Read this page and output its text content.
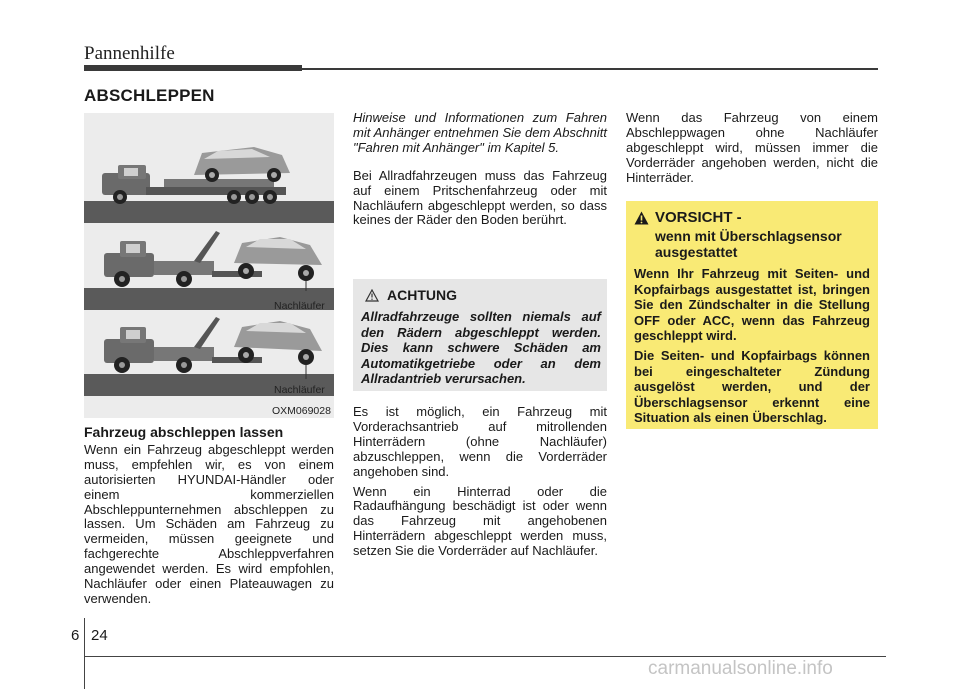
Pannenhilfe
ABSCHLEPPEN
Nachläufer
Nachläufer
OXM069028
Fahrzeug abschleppen lassen

Wenn ein Fahrzeug abgeschleppt werden muss, empfehlen wir, es von einem autorisierten HYUNDAI-Händler oder einem kommerziellen Abschleppunternehmen abschleppen zu lassen. Um Schäden am Fahrzeug zu vermeiden, müssen geeignete und fachgerechte Abschleppverfahren angewendet werden. Es wird empfohlen, Nachläufer oder einen Plateauwagen zu verwenden.

Hinweise und Informationen zum Fahren mit Anhänger entnehmen Sie dem Abschnitt "Fahren mit Anhänger" im Kapitel 5.

Bei Allradfahrzeugen muss das Fahrzeug auf einem Pritschenfahrzeug oder mit Nachläufern abgeschleppt werden, so dass keines der Räder den Boden berührt.

ACHTUNG
Allradfahrzeuge sollten niemals auf den Rädern abgeschleppt werden. Dies kann schwere Schäden am Automatikgetriebe oder an dem Allradantrieb verursachen.

Es ist möglich, ein Fahrzeug mit Vorderachsantrieb auf mitrollenden Hinterrädern (ohne Nachläufer) abzuschleppen, wenn die Vorderräder angehoben sind.

Wenn ein Hinterrad oder die Radaufhängung beschädigt ist oder wenn das Fahrzeug mit angehobenen Hinterrädern abgeschleppt werden muss, setzen Sie die Vorderräder auf Nachläufer.

Wenn das Fahrzeug von einem Abschleppwagen ohne Nachläufer abgeschleppt wird, müssen immer die Vorderräder angehoben werden, nicht die Hinterräder.

VORSICHT -
wenn mit Überschlagsensor ausgestattet

Wenn Ihr Fahrzeug mit Seiten- und Kopfairbags ausgestattet ist, bringen Sie den Zündschalter in die Stellung OFF oder ACC, wenn das Fahrzeug geschleppt wird.

Die Seiten- und Kopfairbags können bei eingeschalteter Zündung ausgelöst werden, und der Überschlagsensor erkennt eine Situation als einen Überschlag.

6 24
carmanualsonline.info
